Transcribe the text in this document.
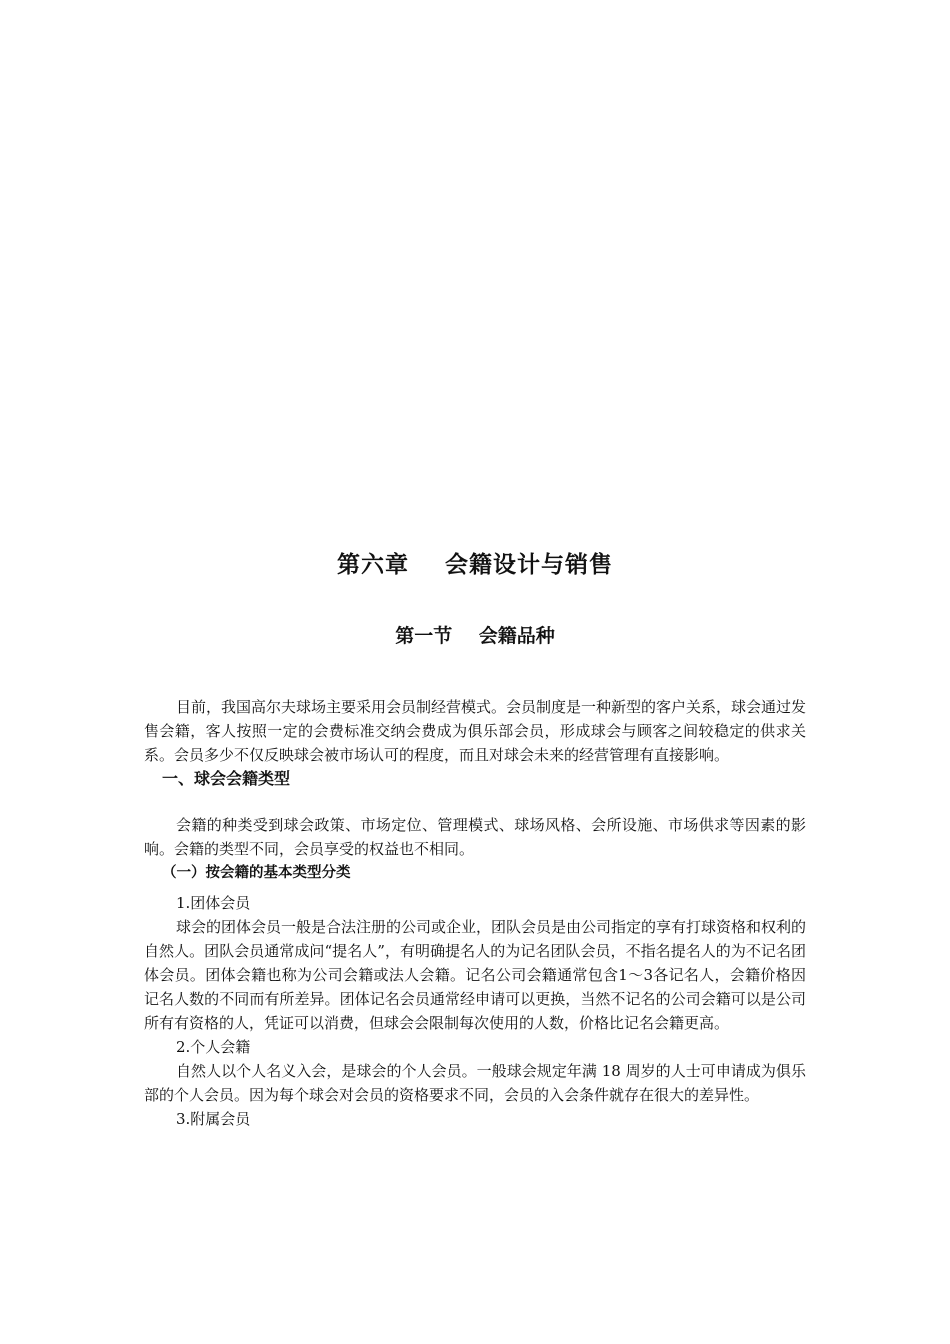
第六章    会籍设计与销售
第一节    会籍品种

目前，我国高尔夫球场主要采用会员制经营模式。会员制度是一种新型的客户关系，球会通过发售会籍，客人按照一定的会费标准交纳会费成为俱乐部会员，形成球会与顾客之间较稳定的供求关系。会员多少不仅反映球会被市场认可的程度，而且对球会未来的经营管理有直接影响。

一、球会会籍类型

会籍的种类受到球会政策、市场定位、管理模式、球场风格、会所设施、市场供求等因素的影响。会籍的类型不同，会员享受的权益也不相同。

（一）按会籍的基本类型分类

1.团体会员

球会的团体会员一般是合法注册的公司或企业，团队会员是由公司指定的享有打球资格和权利的自然人。团队会员通常成问“提名人”，有明确提名人的为记名团队会员，不指名提名人的为不记名团体会员。团体会籍也称为公司会籍或法人会籍。记名公司会籍通常包含1～3各记名人，会籍价格因记名人数的不同而有所差异。团体记名会员通常经申请可以更换，当然不记名的公司会籍可以是公司所有有资格的人，凭证可以消费，但球会会限制每次使用的人数，价格比记名会籍更高。

2.个人会籍

自然人以个人名义入会，是球会的个人会员。一般球会规定年满 18 周岁的人士可申请成为俱乐部的个人会员。因为每个球会对会员的资格要求不同，会员的入会条件就存在很大的差异性。

3.附属会员
